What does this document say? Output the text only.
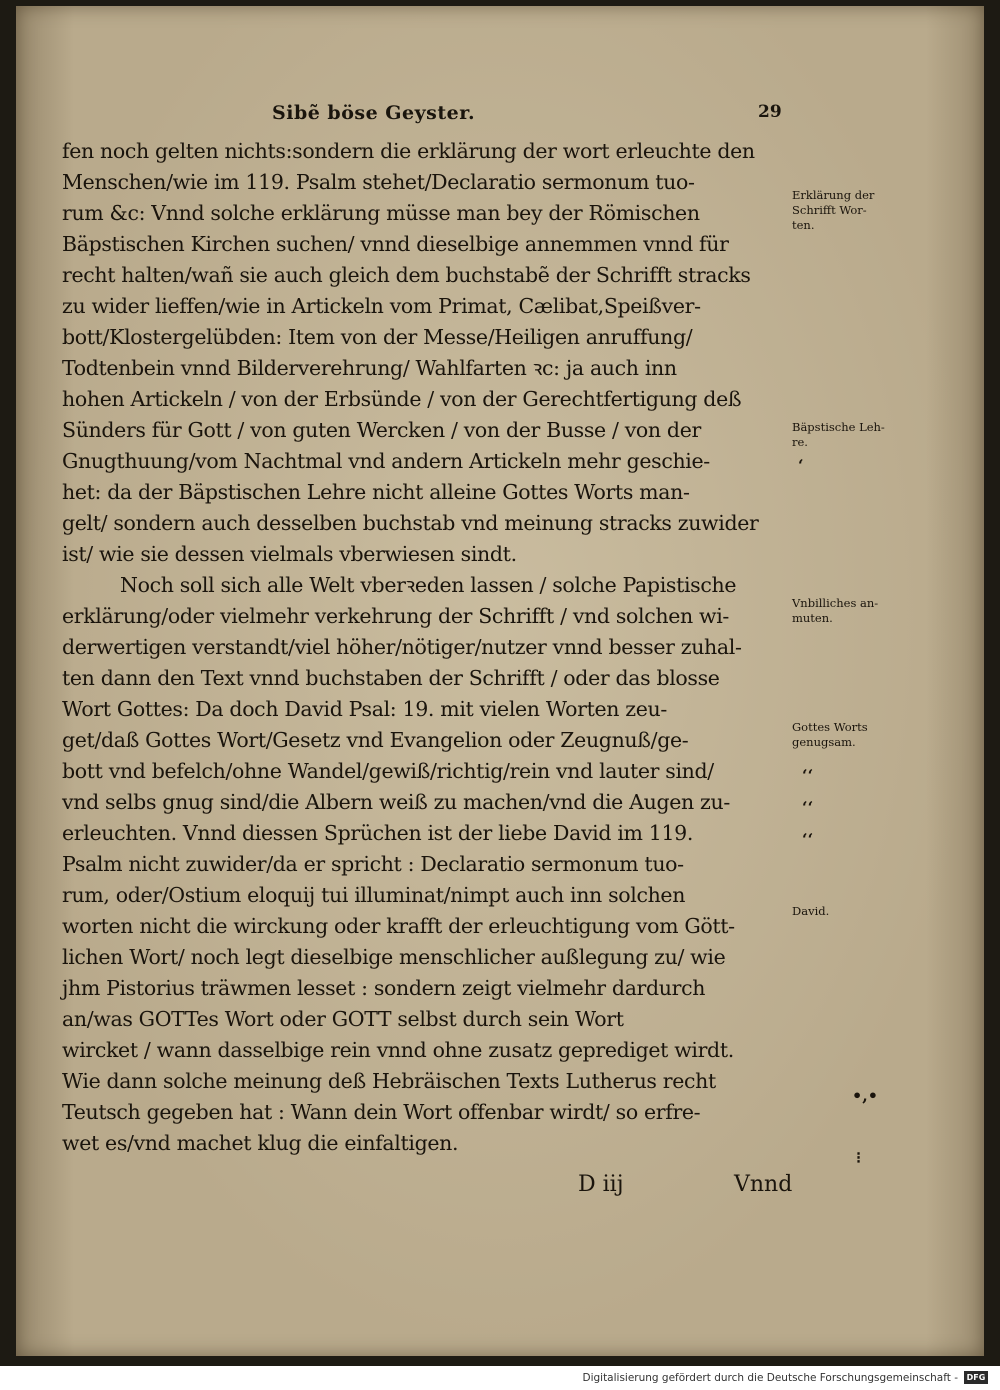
Sibẽ böse Geyster.	29
fen noch gelten nichts:sondern die erklärung der wort erleuchte den
Menschen/wie im 119. Psalm stehet/Declaratio sermonum tuo-
rum &c: Vnnd solche erklärung müsse man bey der Römischen
Bäpstischen Kirchen suchen/ vnnd dieselbige annemmen vnnd für
recht halten/wañ sie auch gleich dem buchstabẽ der Schrifft stracks
zu wider lieffen/wie in Artickeln vom Primat, Cælibat,Speißver-
bott/Klostergelübden: Item von der Messe/Heiligen anruffung/
Todtenbein vnnd Bilderverehrung/ Wahlfarten ꝛc: ja auch inn
hohen Artickeln / von der Erbsünde / von der Gerechtfertigung deß
Sünders für Gott / von guten Wercken / von der Busse / von der
Gnugthuung/vom Nachtmal vnd andern Artickeln mehr geschie-
het: da der Bäpstischen Lehre nicht alleine Gottes Worts man-
gelt/ sondern auch desselben buchstab vnd meinung stracks zuwider
ist/ wie sie dessen vielmals vberwiesen sindt.
Noch soll sich alle Welt vberꝛeden lassen / solche Papistische
erklärung/oder vielmehr verkehrung der Schrifft / vnd solchen wi-
derwertigen verstandt/viel höher/nötiger/nutzer vnnd besser zuhal-
ten dann den Text vnnd buchstaben der Schrifft / oder das blosse
Wort Gottes: Da doch David Psal: 19. mit vielen Worten zeu-
get/daß Gottes Wort/Gesetz vnd Evangelion oder Zeugnuß/ge-
bott vnd befelch/ohne Wandel/gewiß/richtig/rein vnd lauter sind/
vnd selbs gnug sind/die Albern weiß zu machen/vnd die Augen zu-
erleuchten. Vnnd diessen Sprüchen ist der liebe David im 119.
Psalm nicht zuwider/da er spricht : Declaratio sermonum tuo-
rum, oder/Ostium eloquij tui illuminat/nimpt auch inn solchen
worten nicht die wirckung oder krafft der erleuchtigung vom Gött-
lichen Wort/ noch legt dieselbige menschlicher außlegung zu/ wie
jhm Pistorius träwmen lesset : sondern zeigt vielmehr dardurch
an/was GOTTes Wort oder GOTT selbst durch sein Wort
wircket / wann dasselbige rein vnnd ohne zusatz geprediget wirdt.
Wie dann solche meinung deß Hebräischen Texts Lutherus recht
Teutsch gegeben hat : Wann dein Wort offenbar wirdt/ so erfre-
wet es/vnd machet klug die einfaltigen.
Erklärung der
Schrifft Wor-
ten.
Bäpstische Leh-
re.
Vnbilliches an-
muten.
Gottes Worts
genugsam.
David.
ʻ
ʻʻ
ʻʻ
ʻʻ
•,•
⁝
D iij	Vnnd
Digitalisierung gefördert durch die Deutsche Forschungsgemeinschaft -	DFG
